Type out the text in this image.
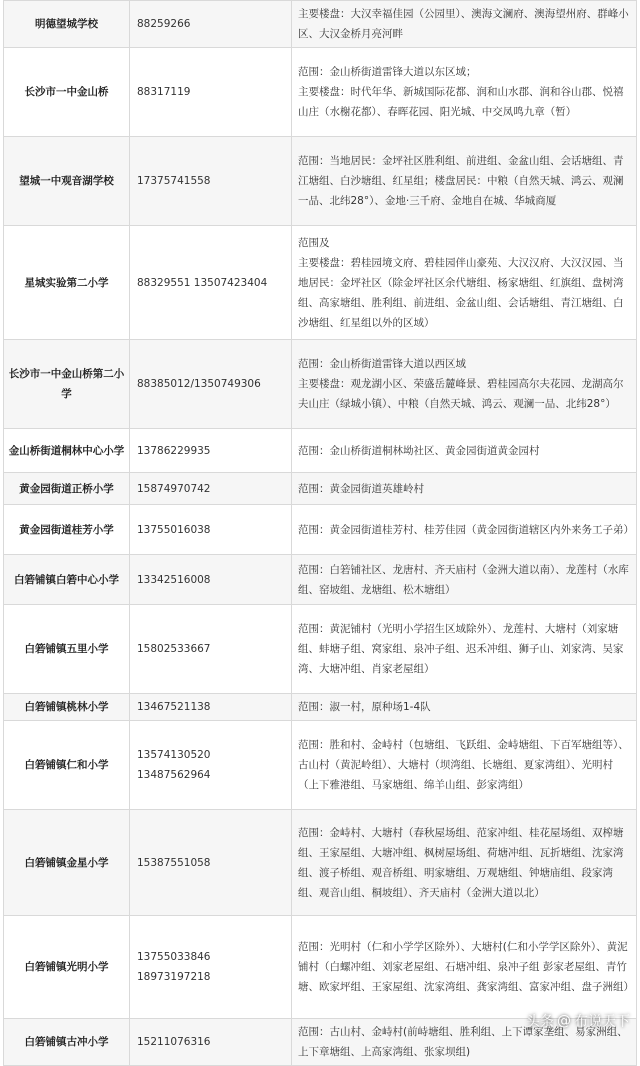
明德望城学校	88259266	主要楼盘：大汉幸福佳园（公园里）、澳海文澜府、澳海望州府、群峰小区、大汉金桥月亮河畔
长沙市一中金山桥	88317119	范围：金山桥街道雷锋大道以东区域；
主要楼盘：时代年华、新城国际花都、润和山水郡、润和谷山郡、悦禧山庄（水榭花都）、春晖花园、阳光城、中交凤鸣九章（暂）
望城一中观音湖学校	17375741558	范围：当地居民：金坪社区胜利组、前进组、金盆山组、会话塘组、青江塘组、白沙塘组、红星组；楼盘居民：中粮（自然天城、鸿云、观澜一品、北纬28°）、金地·三千府、金地自在城、华城商厦
星城实验第二小学	88329551 13507423404	范围及
主要楼盘：碧桂园境文府、碧桂园伴山豪苑、大汉汉府、大汉汉园、当地居民：金坪社区（除金坪社区余代塘组、杨家塘组、红旗组、盘树湾组、高家塘组、胜利组、前进组、金盆山组、会话塘组、青江塘组、白沙塘组、红星组以外的区域）
长沙市一中金山桥第二小学	88385012/13507493​06	范围：金山桥街道雷锋大道以西区域
主要楼盘：观龙湖小区、荣盛岳麓峰景、碧桂园高尔夫花园、龙湖高尔夫山庄（绿城小镇）、中粮（自然天城、鸿云、观澜一品、北纬28°）
金山桥街道桐林中心小学	13786229935	范围：金山桥街道桐林坳社区、黄金园街道黄金园村
黄金园街道正桥小学	15874970742	范围：黄金园街道英雄岭村
黄金园街道桂芳小学	13755016038	范围：黄金园街道桂芳村、桂芳佳园（黄金园街道辖区内外来务工子弟）
白箬铺镇白箬中心小学	13342516008	范围：白箬铺社区、龙唐村、齐天庙村（金洲大道以南）、龙莲村（水库组、窑坡组、龙塘组、松木塘组）
白箬铺镇五里小学	15802533667	范围：黄泥铺村（光明小学招生区域除外）、龙莲村、大塘村（刘家塘组、蚌塘子组、窝家组、泉冲子组、迟禾冲组、狮子山、刘家湾、吴家湾、大塘冲组、肖家老屋组）
白箬铺镇桃林小学	13467521138	范围：淑一村，原种场1-4队
白箬铺镇仁和小学	13574130520 13487562964	范围：胜和村、金峙村（包塘组、飞跃组、金峙塘组、下百军塘组等）、古山村（黄泥岭组）、大塘村（坝湾组、长塘组、夏家湾组）、光明村（上下雅港组、马家塘组、绵羊山组、彭家湾组）
白箬铺镇金星小学	15387551058	范围：金峙村、大塘村（春秋屋场组、范家冲组、桂花屋场组、双榨塘组、王家屋组、大塘冲组、枫树屋场组、荷塘冲组、瓦折塘组、沈家湾组、渡子桥组、观音桥组、明家塘组、万观塘组、钟塘庙组、段家湾组、观音山组、桐坡组）、齐天庙村（金洲大道以北）
白箬铺镇光明小学	13755033846 18973197218	范围：光明村（仁和小学学区除外）、大塘村(仁和小学学区除外）、黄泥铺村（白螺冲组、刘家老屋组、石塘冲组、泉冲子组 彭家老屋组、青竹塘、欧家坪组、王家屋组、沈家湾组、龚家湾组、富家冲组、盘子洲组）
白箬铺镇古冲小学	15211076316	范围：古山村、金峙村(前峙塘组、胜利组、上下谭家垄组、易家洲组、上下章塘组、上高家湾组、张家坝组)
头条 @ 布说天下
